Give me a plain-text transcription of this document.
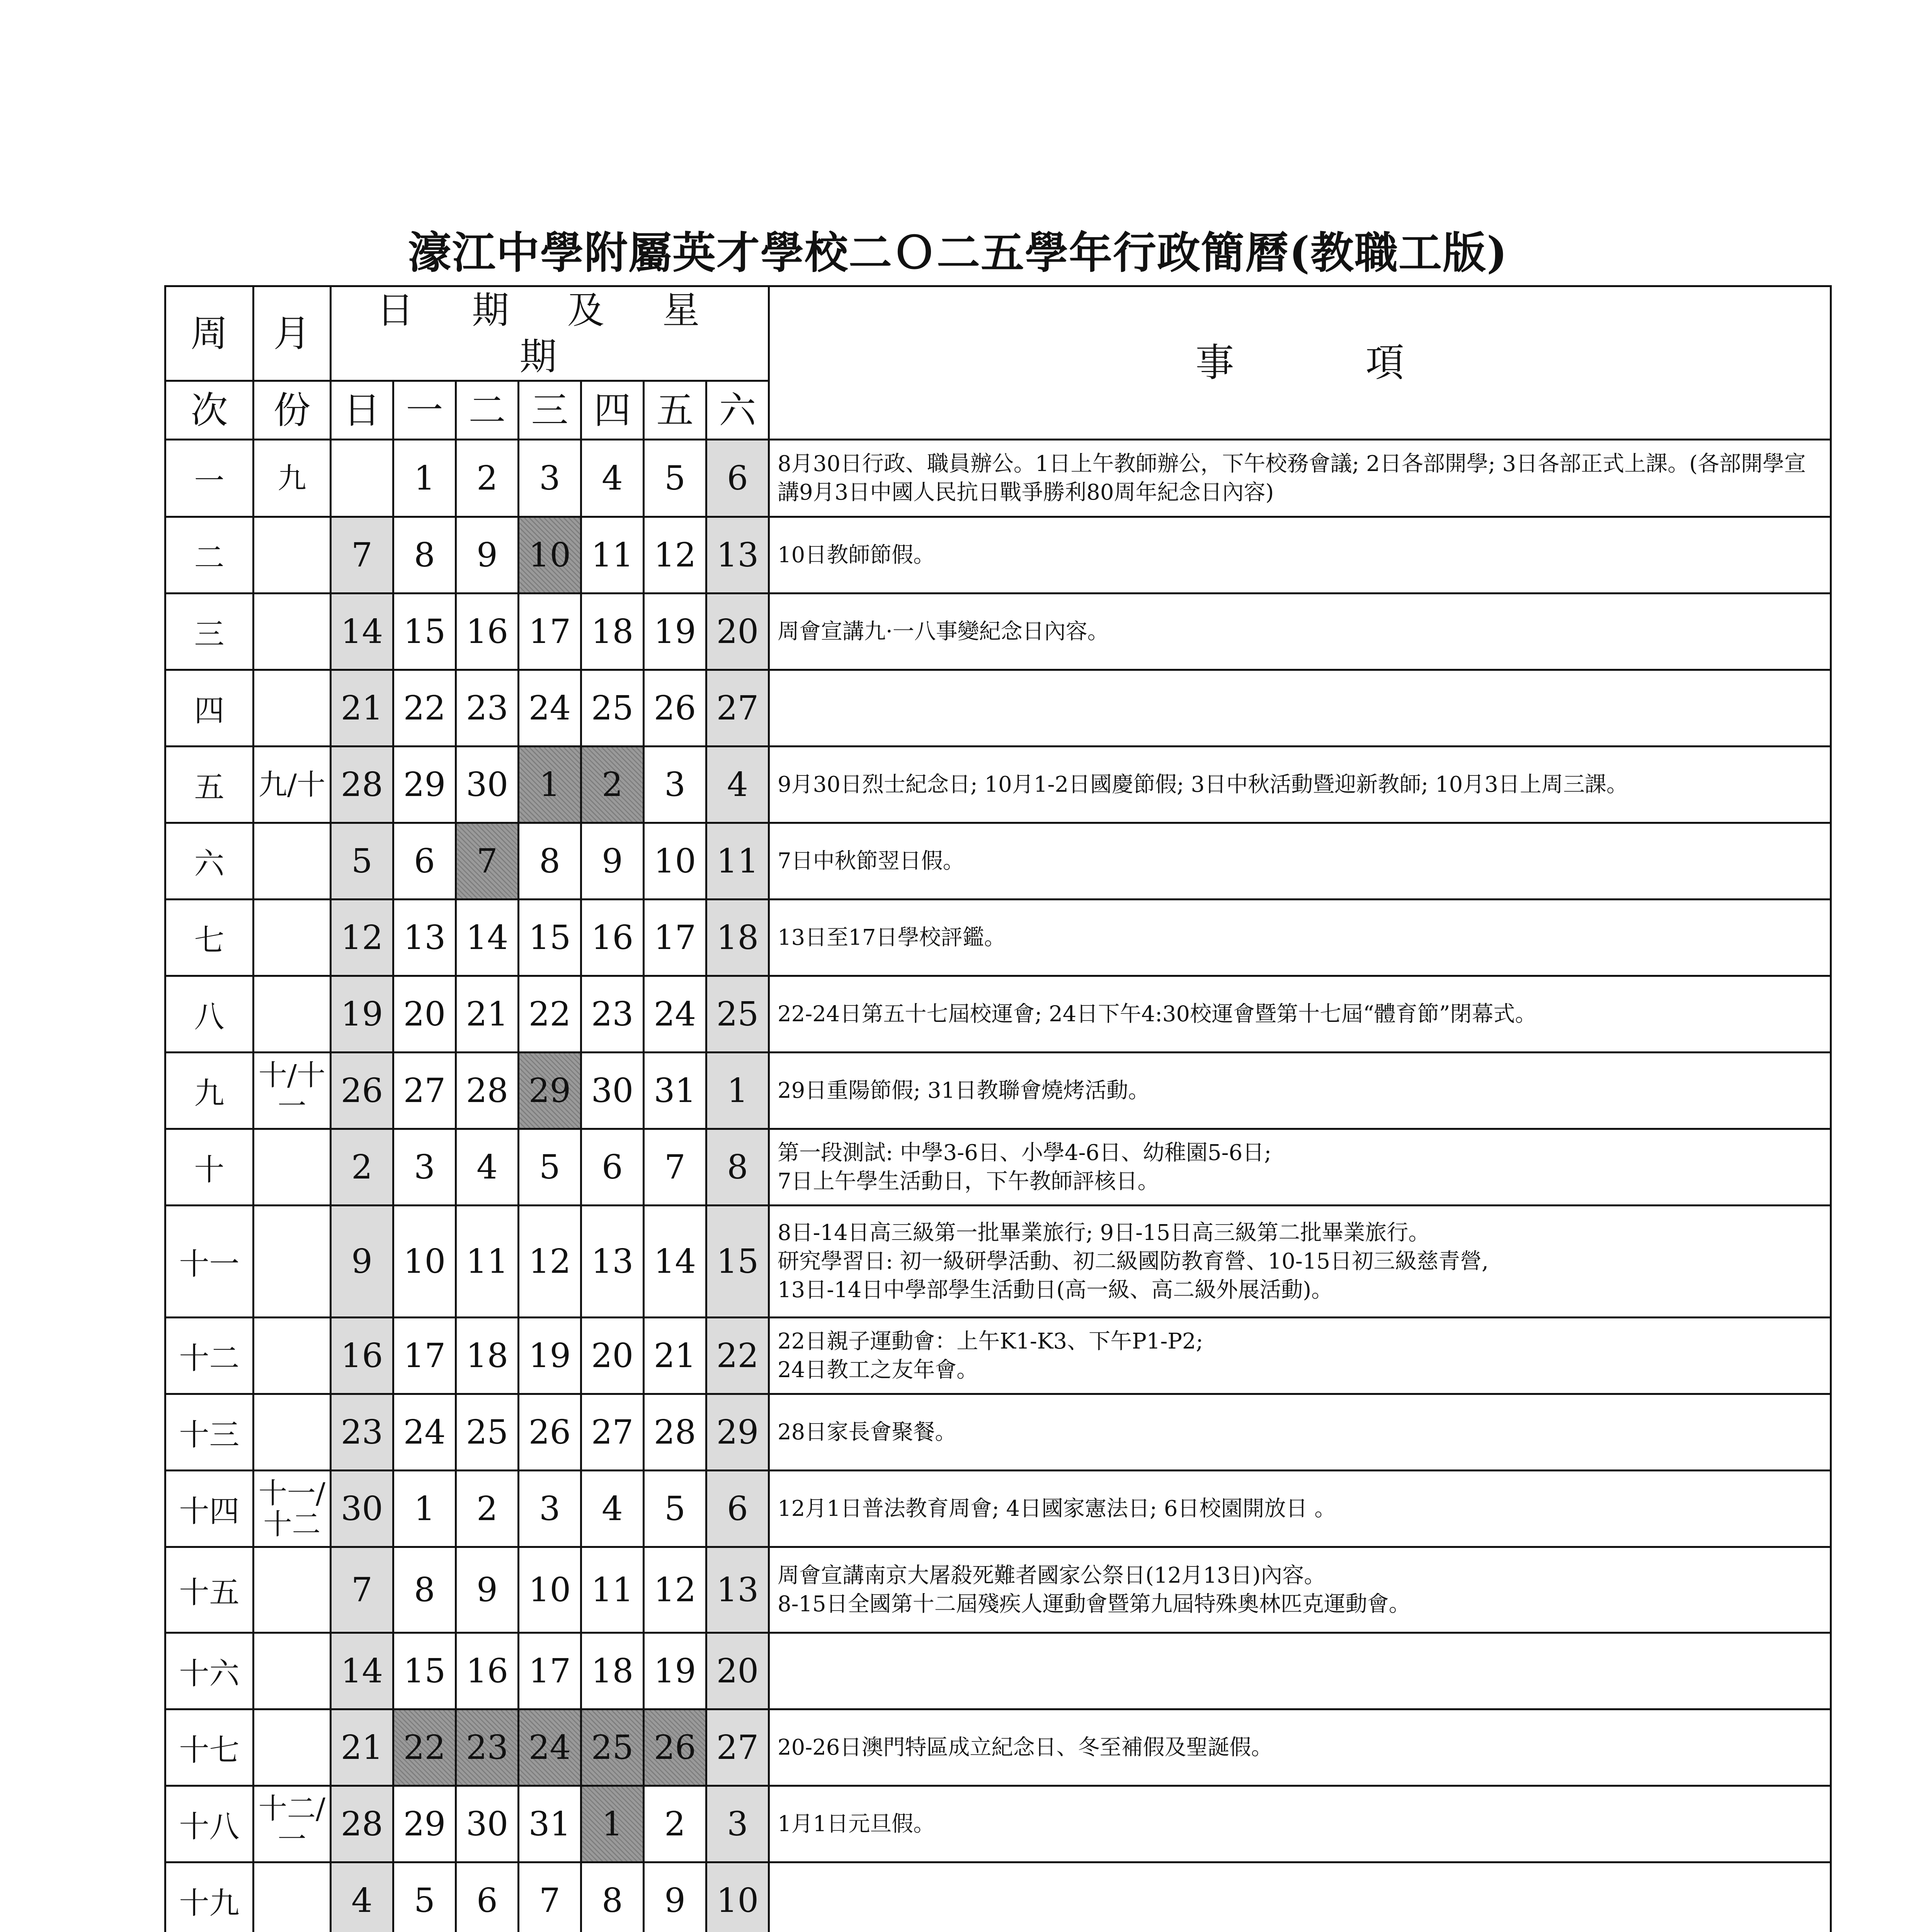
濠江中學附屬英才學校二Ｏ二五學年行政簡曆(教職工版)
周	月	日 期 及 星 期							事 項
次	份	日	一	二	三	四	五	六	
一	九		1	2	3	4	5	6	8月30日行政、職員辦公。1日上午教師辦公，下午校務會議; 2日各部開學; 3日各部正式上課。(各部開學宣講9月3日中國人民抗日戰爭勝利80周年紀念日內容)
二		7	8	9	10	11	12	13	10日教師節假。
三		14	15	16	17	18	19	20	周會宣講九·一八事變紀念日內容。
四		21	22	23	24	25	26	27	
五	九/十	28	29	30	1	2	3	4	9月30日烈士紀念日; 10月1-2日國慶節假; 3日中秋活動暨迎新教師; 10月3日上周三課。
六		5	6	7	8	9	10	11	7日中秋節翌日假。
七		12	13	14	15	16	17	18	13日至17日學校評鑑。
八		19	20	21	22	23	24	25	22-24日第五十七屆校運會; 24日下午4:30校運會暨第十七屆“體育節”閉幕式。
九	十/十一	26	27	28	29	30	31	1	29日重陽節假; 31日教聯會燒烤活動。
十		2	3	4	5	6	7	8	第一段測試: 中學3-6日、小學4-6日、幼稚園5-6日;
7日上午學生活動日，下午教師評核日。
十一		9	10	11	12	13	14	15	8日-14日高三級第一批畢業旅行; 9日-15日高三級第二批畢業旅行。
研究學習日: 初一級研學活動、初二級國防教育營、10-15日初三級慈青營,
13日-14日中學部學生活動日(高一級、高二級外展活動)。
十二		16	17	18	19	20	21	22	22日親子運動會：上午K1-K3、下午P1-P2;
24日教工之友年會。
十三		23	24	25	26	27	28	29	28日家長會聚餐。
十四	十一/十二	30	1	2	3	4	5	6	12月1日普法教育周會; 4日國家憲法日; 6日校園開放日 。
十五		7	8	9	10	11	12	13	周會宣講南京大屠殺死難者國家公祭日(12月13日)內容。
8-15日全國第十二屆殘疾人運動會暨第九屆特殊奧林匹克運動會。
十六		14	15	16	17	18	19	20	
十七		21	22	23	24	25	26	27	20-26日澳門特區成立紀念日、冬至補假及聖誕假。
十八	十二/一	28	29	30	31	1	2	3	1月1日元旦假。
十九		4	5	6	7	8	9	10	
